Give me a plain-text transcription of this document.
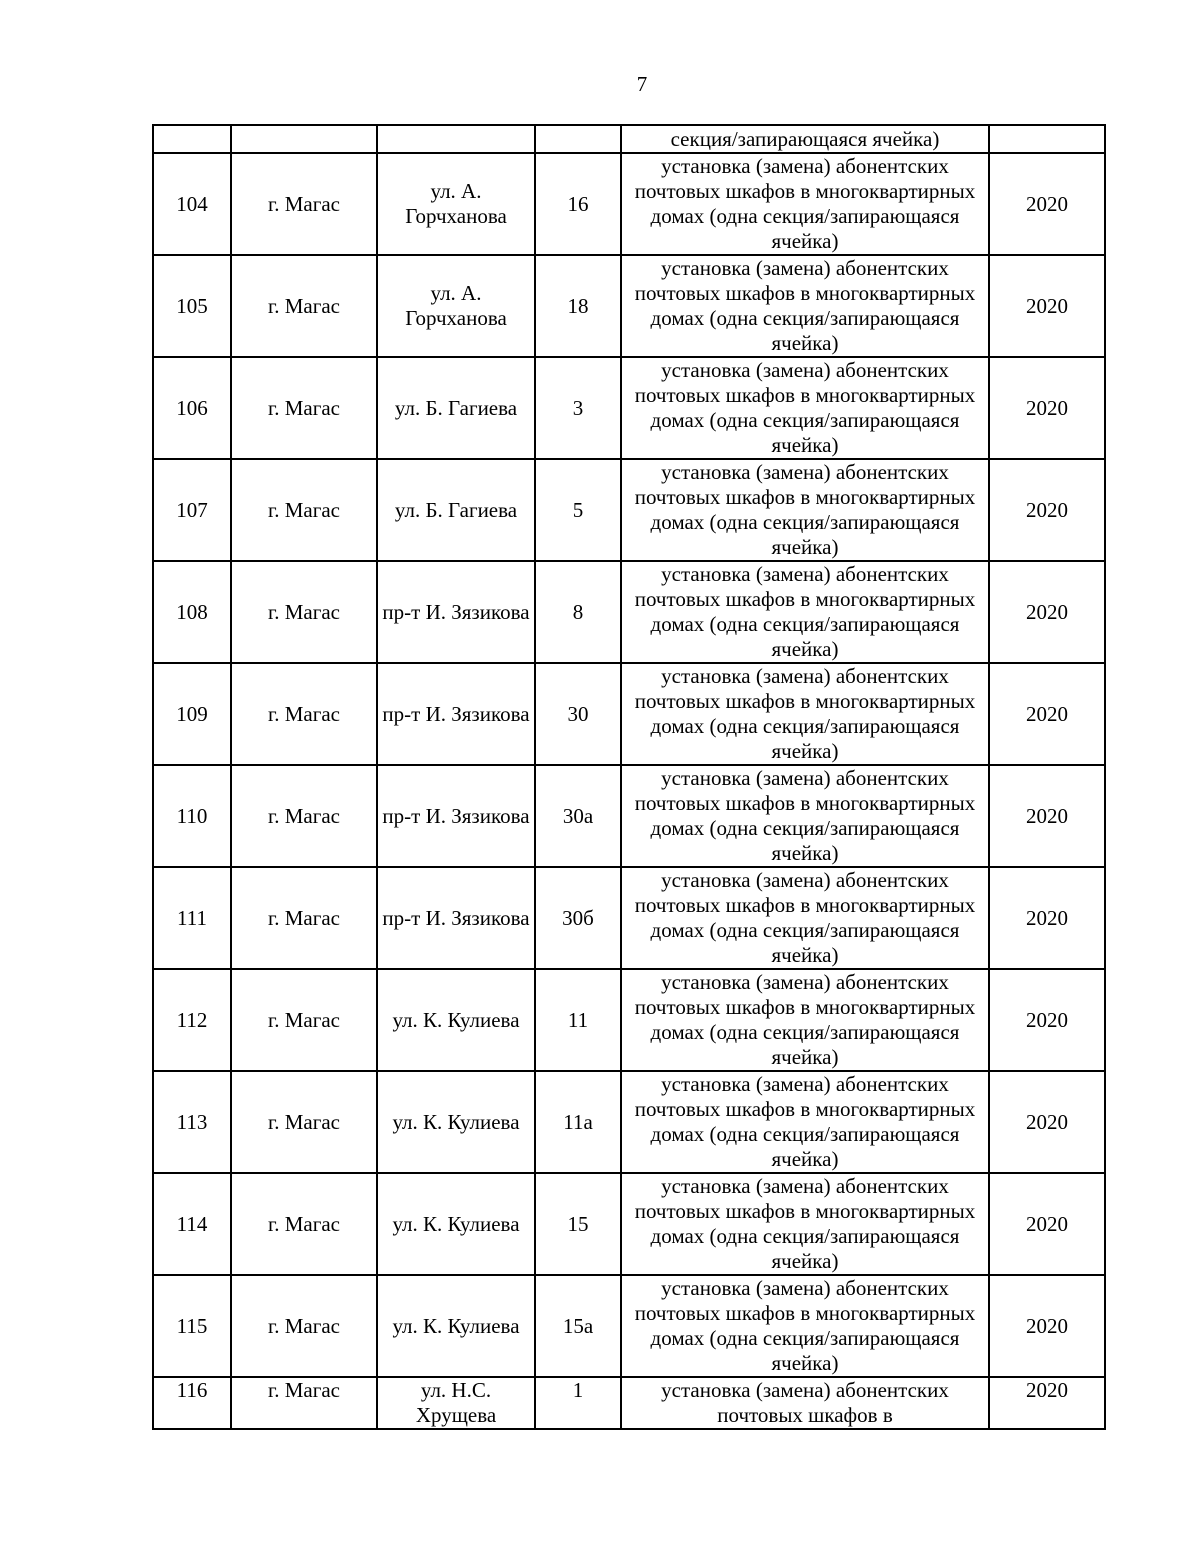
7
				секция/запирающаяся ячейка)	
104	г. Магас	ул. А. Горчханова	16	установка (замена) абонентских почтовых шкафов в многоквартирных домах (одна секция/запирающаяся ячейка)	2020
105	г. Магас	ул. А. Горчханова	18	установка (замена) абонентских почтовых шкафов в многоквартирных домах (одна секция/запирающаяся ячейка)	2020
106	г. Магас	ул. Б. Гагиева	3	установка (замена) абонентских почтовых шкафов в многоквартирных домах (одна секция/запирающаяся ячейка)	2020
107	г. Магас	ул. Б. Гагиева	5	установка (замена) абонентских почтовых шкафов в многоквартирных домах (одна секция/запирающаяся ячейка)	2020
108	г. Магас	пр-т И. Зязикова	8	установка (замена) абонентских почтовых шкафов в многоквартирных домах (одна секция/запирающаяся ячейка)	2020
109	г. Магас	пр-т И. Зязикова	30	установка (замена) абонентских почтовых шкафов в многоквартирных домах (одна секция/запирающаяся ячейка)	2020
110	г. Магас	пр-т И. Зязикова	30а	установка (замена) абонентских почтовых шкафов в многоквартирных домах (одна секция/запирающаяся ячейка)	2020
111	г. Магас	пр-т И. Зязикова	30б	установка (замена) абонентских почтовых шкафов в многоквартирных домах (одна секция/запирающаяся ячейка)	2020
112	г. Магас	ул. К. Кулиева	11	установка (замена) абонентских почтовых шкафов в многоквартирных домах (одна секция/запирающаяся ячейка)	2020
113	г. Магас	ул. К. Кулиева	11а	установка (замена) абонентских почтовых шкафов в многоквартирных домах (одна секция/запирающаяся ячейка)	2020
114	г. Магас	ул. К. Кулиева	15	установка (замена) абонентских почтовых шкафов в многоквартирных домах (одна секция/запирающаяся ячейка)	2020
115	г. Магас	ул. К. Кулиева	15а	установка (замена) абонентских почтовых шкафов в многоквартирных домах (одна секция/запирающаяся ячейка)	2020
116	г. Магас	ул. Н.С. Хрущева	1	установка (замена) абонентских почтовых шкафов в	2020
